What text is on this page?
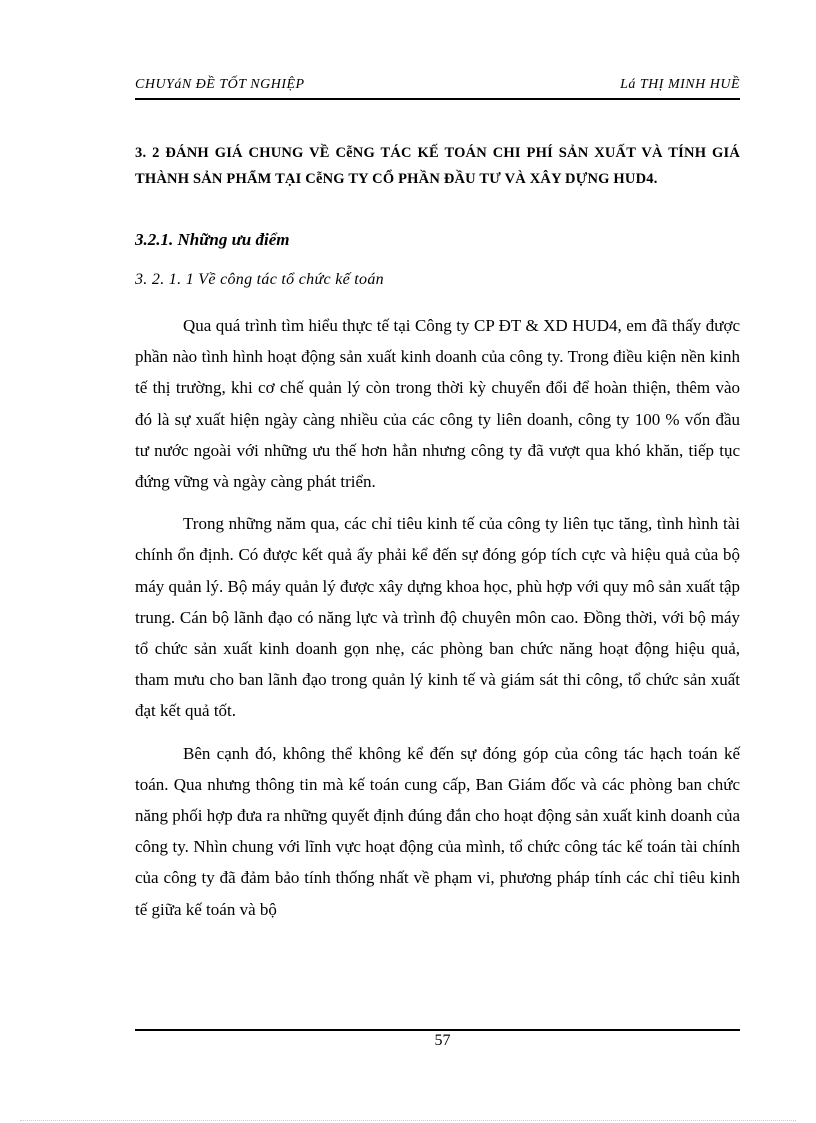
CHUYáN ĐỀ TỐT NGHIỆP	Lá THỊ MINH HUỀ
3. 2 ĐÁNH GIÁ CHUNG VỀ CễNG TÁC KẾ TOÁN CHI PHÍ SẢN XUẤT VÀ TÍNH GIÁ THÀNH SẢN PHẨM TẠI CễNG TY CỔ PHẦN ĐẦU TƯ VÀ XÂY DỰNG HUD4.
3.2.1. Những ưu điểm
3. 2. 1. 1 Về công tác tổ chức kế toán

Qua quá trình tìm hiểu thực tế tại Công ty CP ĐT & XD HUD4, em đã thấy được phần nào tình hình hoạt động sản xuất kinh doanh của công ty. Trong điều kiện nền kinh tế thị trường, khi cơ chế quản lý còn trong thời kỳ chuyển đổi để hoàn thiện, thêm vào đó là sự xuất hiện ngày càng nhiều của các công ty liên doanh, công ty 100 % vốn đầu tư nước ngoài với những ưu thế hơn hẳn nhưng công ty đã vượt qua khó khăn, tiếp tục đứng vững và ngày càng phát triển.

Trong những năm qua, các chỉ tiêu kinh tế của công ty liên tục tăng, tình hình tài chính ổn định. Có được kết quả ấy phải kể đến sự đóng góp tích cực và hiệu quả của bộ máy quản lý. Bộ máy quản lý được xây dựng khoa học, phù hợp với quy mô sản xuất tập trung. Cán bộ lãnh đạo có năng lực và trình độ chuyên môn cao. Đồng thời, với bộ máy tổ chức sản xuất kinh doanh gọn nhẹ, các phòng ban chức năng hoạt động hiệu quả, tham mưu cho ban lãnh đạo trong quản lý kinh tế và giám sát thi công, tổ chức sản xuất đạt kết quả tốt.

Bên cạnh đó, không thể không kể đến sự đóng góp của công tác hạch toán kế toán. Qua nhưng thông tin mà kế toán cung cấp, Ban Giám đốc và các phòng ban chức năng phối hợp đưa ra những quyết định đúng đắn cho hoạt động sản xuất kinh doanh của công ty. Nhìn chung với lĩnh vực hoạt động của mình, tổ chức công tác kế toán tài chính của công ty đã đảm bảo tính thống nhất về phạm vi, phương pháp tính các chỉ tiêu kinh tế giữa kế toán và bộ

57
